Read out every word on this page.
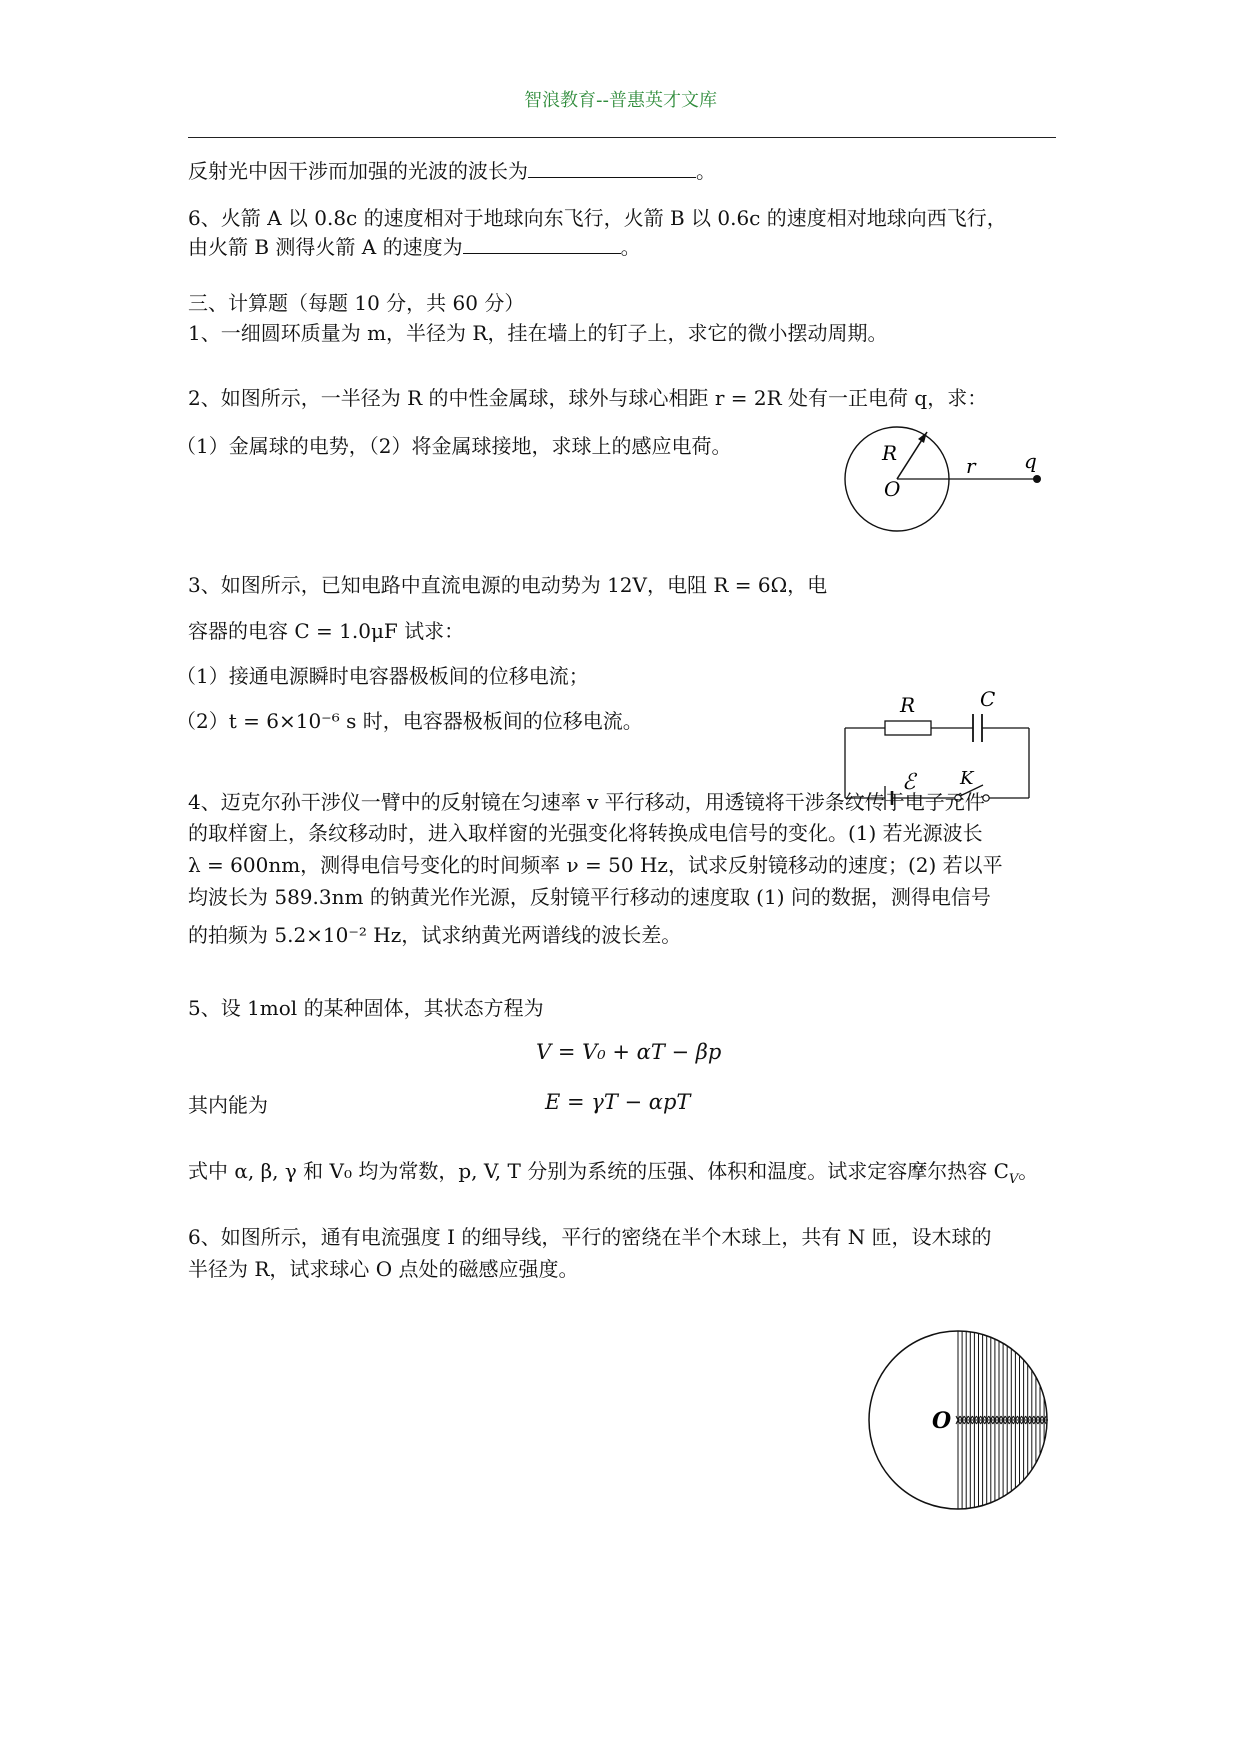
智浪教育--普惠英才文库
反射光中因干涉而加强的光波的波长为	。
6、火箭 A 以 0.8c 的速度相对于地球向东飞行，火箭 B 以 0.6c 的速度相对地球向西飞行，
由火箭 B 测得火箭 A 的速度为	。
三、计算题（每题 10 分，共 60 分）
1、一细圆环质量为 m，半径为 R，挂在墙上的钉子上，求它的微小摆动周期。
2、如图所示，一半径为 R 的中性金属球，球外与球心相距 r = 2R 处有一正电荷 q，求：
（1）金属球的电势，（2）将金属球接地，求球上的感应电荷。	R
O
r q
3、如图所示，已知电路中直流电源的电动势为 12V，电阻 R = 6Ω，电
容器的电容 C = 1.0μF 试求：
（1）接通电源瞬时电容器极板间的位移电流；
（2）t = 6×10⁻⁶ s 时，电容器极板间的位移电流。
R	C
ℰ K
4、迈克尔孙干涉仪一臂中的反射镜在匀速率 v 平行移动，用透镜将干涉条纹传于电子元件
的取样窗上，条纹移动时，进入取样窗的光强变化将转换成电信号的变化。(1) 若光源波长
λ = 600nm，测得电信号变化的时间频率 ν = 50 Hz，试求反射镜移动的速度；(2) 若以平
均波长为 589.3nm 的钠黄光作光源，反射镜平行移动的速度取 (1) 问的数据，测得电信号
的拍频为 5.2×10⁻² Hz，试求纳黄光两谱线的波长差。
5、设 1mol 的某种固体，其状态方程为
V = V₀ + αT − βp
其内能为	E = γT − αpT
式中 α, β, γ 和 V₀ 均为常数，p, V, T 分别为系统的压强、体积和温度。试求定容摩尔热容 $C_V$。
6、如图所示，通有电流强度 I 的细导线，平行的密绕在半个木球上，共有 N 匝，设木球的
半径为 R，试求球心 O 点处的磁感应强度。
O
